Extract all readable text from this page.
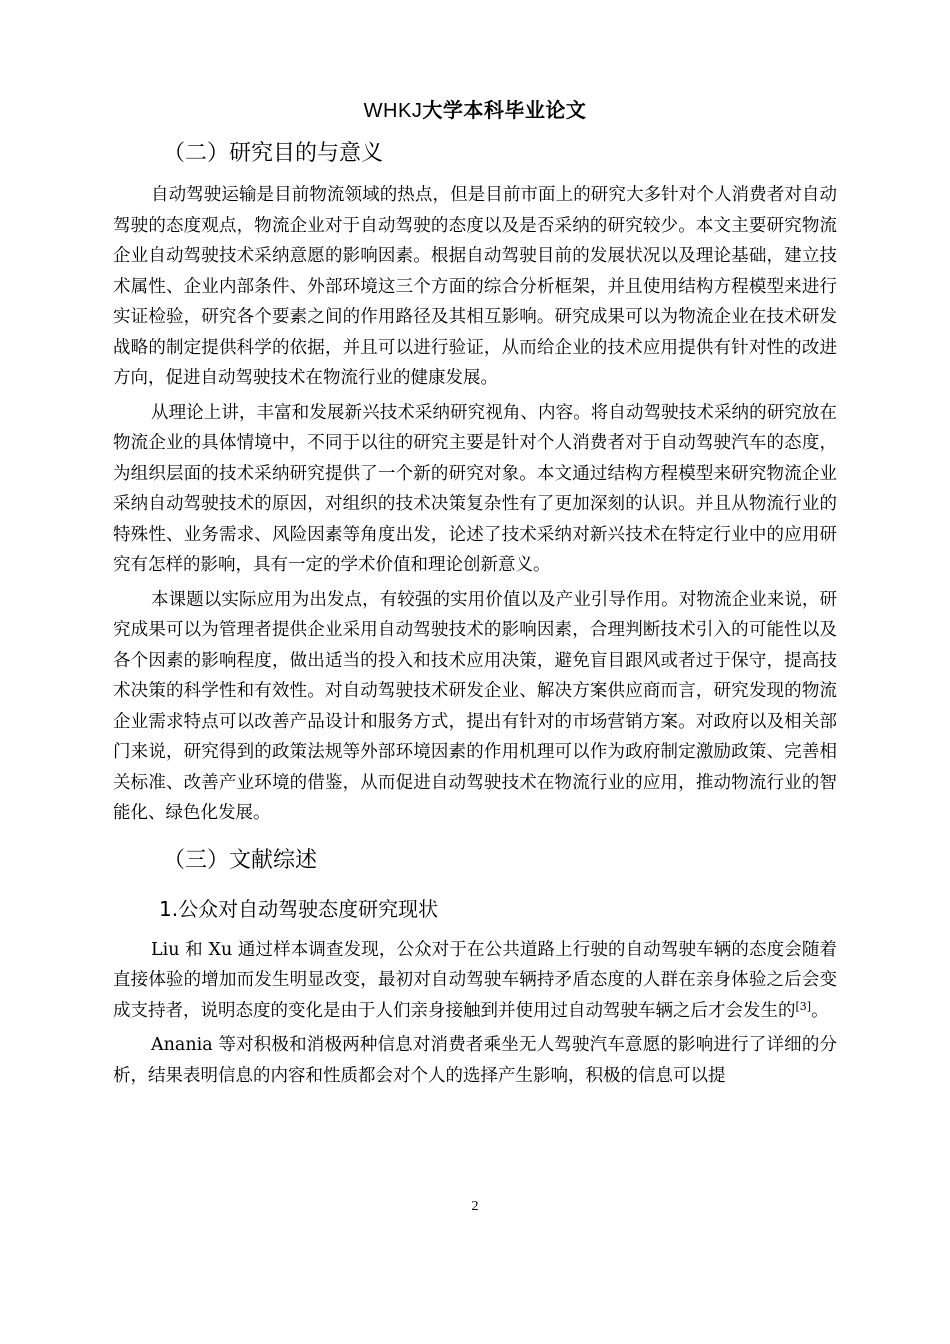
WHKJ大学本科毕业论文
（二）研究目的与意义

自动驾驶运输是目前物流领域的热点，但是目前市面上的研究大多针对个人消费者对自动驾驶的态度观点，物流企业对于自动驾驶的态度以及是否采纳的研究较少。本文主要研究物流企业自动驾驶技术采纳意愿的影响因素。根据自动驾驶目前的发展状况以及理论基础，建立技术属性、企业内部条件、外部环境这三个方面的综合分析框架，并且使用结构方程模型来进行实证检验，研究各个要素之间的作用路径及其相互影响。研究成果可以为物流企业在技术研发战略的制定提供科学的依据，并且可以进行验证，从而给企业的技术应用提供有针对性的改进方向，促进自动驾驶技术在物流行业的健康发展。

从理论上讲，丰富和发展新兴技术采纳研究视角、内容。将自动驾驶技术采纳的研究放在物流企业的具体情境中，不同于以往的研究主要是针对个人消费者对于自动驾驶汽车的态度，为组织层面的技术采纳研究提供了一个新的研究对象。本文通过结构方程模型来研究物流企业采纳自动驾驶技术的原因，对组织的技术决策复杂性有了更加深刻的认识。并且从物流行业的特殊性、业务需求、风险因素等角度出发，论述了技术采纳对新兴技术在特定行业中的应用研究有怎样的影响，具有一定的学术价值和理论创新意义。

本课题以实际应用为出发点，有较强的实用价值以及产业引导作用。对物流企业来说，研究成果可以为管理者提供企业采用自动驾驶技术的影响因素，合理判断技术引入的可能性以及各个因素的影响程度，做出适当的投入和技术应用决策，避免盲目跟风或者过于保守，提高技术决策的科学性和有效性。对自动驾驶技术研发企业、解决方案供应商而言，研究发现的物流企业需求特点可以改善产品设计和服务方式，提出有针对的市场营销方案。对政府以及相关部门来说，研究得到的政策法规等外部环境因素的作用机理可以作为政府制定激励政策、完善相关标准、改善产业环境的借鉴，从而促进自动驾驶技术在物流行业的应用，推动物流行业的智能化、绿色化发展。

（三）文献综述
1.公众对自动驾驶态度研究现状

Liu 和 Xu 通过样本调查发现，公众对于在公共道路上行驶的自动驾驶车辆的态度会随着直接体验的增加而发生明显改变，最初对自动驾驶车辆持矛盾态度的人群在亲身体验之后会变成支持者，说明态度的变化是由于人们亲身接触到并使用过自动驾驶车辆之后才会发生的[3]。

Anania 等对积极和消极两种信息对消费者乘坐无人驾驶汽车意愿的影响进行了详细的分析，结果表明信息的内容和性质都会对个人的选择产生影响，积极的信息可以提

2
